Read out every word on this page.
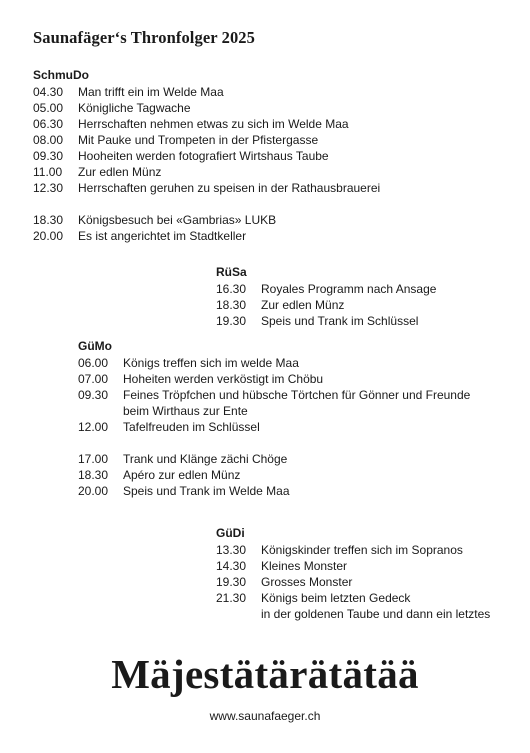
Saunafäger‘s Thronfolger 2025
SchmuDo
04.30	Man trifft ein im Welde Maa
05.00	Königliche Tagwache
06.30	Herrschaften nehmen etwas zu sich im Welde Maa
08.00	Mit Pauke und Trompeten in der Pfistergasse
09.30	Hooheiten werden fotografiert Wirtshaus Taube
11.00	Zur edlen Münz
12.30	Herrschaften geruhen zu speisen in der Rathausbrauerei
18.30	Königsbesuch bei «Gambrias» LUKB
20.00	Es ist angerichtet im Stadtkeller
RüSa
16.30	Royales Programm nach Ansage
18.30	Zur edlen Münz
19.30	Speis und Trank im Schlüssel
GüMo
06.00	Königs treffen sich im welde Maa
07.00	Hoheiten werden verköstigt im Chöbu
09.30	Feines Tröpfchen und hübsche Törtchen für Gönner und Freunde
beim Wirthaus zur Ente
12.00	Tafelfreuden im Schlüssel
17.00	Trank und Klänge zächi Chöge
18.30	Apéro zur edlen Münz
20.00	Speis und Trank im Welde Maa
GüDi
13.30	Königskinder treffen sich im Sopranos
14.30	Kleines Monster
19.30	Grosses Monster
21.30	Königs beim letzten Gedeck
in der goldenen Taube und dann ein letztes
Mäjestätärätätää
www.saunafaeger.ch
